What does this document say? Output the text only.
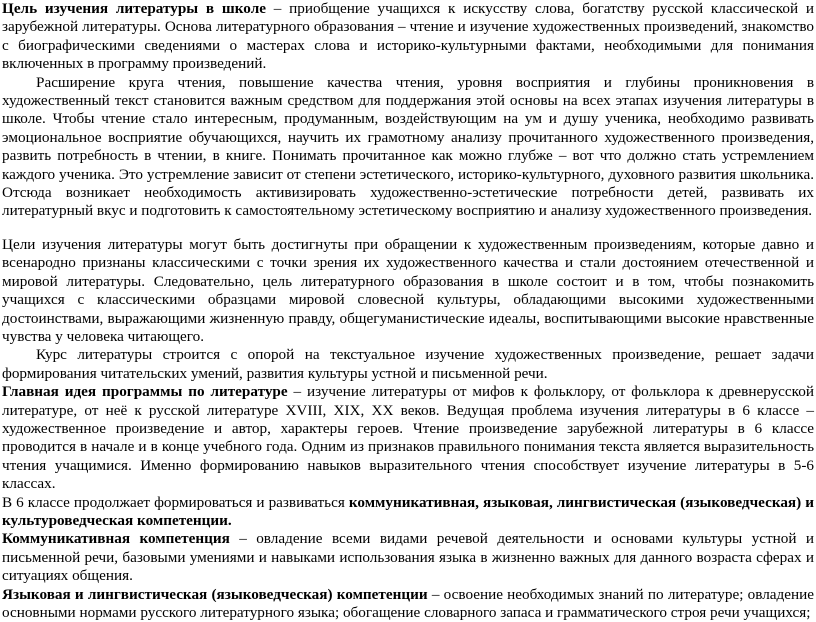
Цель изучения литературы в школе – приобщение учащихся к искусству слова, богатству русской классической и зарубежной литературы. Основа литературного образования – чтение и изучение художественных произведений, знакомство с биографическими сведениями о мастерах слова и историко-культурными фактами, необходимыми для понимания включенных в программу произведений.

Расширение круга чтения, повышение качества чтения, уровня восприятия и глубины проникновения в художественный текст становится важным средством для поддержания этой основы на всех этапах изучения литературы в школе. Чтобы чтение стало интересным, продуманным, воздействующим на ум и душу ученика, необходимо развивать эмоциональное восприятие обучающихся, научить их грамотному анализу прочитанного художественного произведения, развить потребность в чтении, в книге. Понимать прочитанное как можно глубже – вот что должно стать устремлением каждого ученика. Это устремление зависит от степени эстетического, историко-культурного, духовного развития школьника. Отсюда возникает необходимость активизировать художественно-эстетические потребности детей, развивать их литературный вкус и подготовить к самостоятельному эстетическому восприятию и анализу художественного произведения.

Цели изучения литературы могут быть достигнуты при обращении к художественным произведениям, которые давно и всенародно признаны классическими с точки зрения их художественного качества и стали достоянием отечественной и мировой литературы. Следовательно, цель литературного образования в школе состоит и в том, чтобы познакомить учащихся с классическими образцами мировой словесной культуры, обладающими высокими художественными достоинствами, выражающими жизненную правду, общегуманистические идеалы, воспитывающими высокие нравственные чувства у человека читающего.

Курс литературы строится с опорой на текстуальное изучение художественных произведение, решает задачи формирования читательских умений, развития культуры устной и письменной речи.

Главная идея программы по литературе – изучение литературы от мифов к фольклору, от фольклора к древнерусской литературе, от неё к русской литературе XVIII, XIX, XX веков. Ведущая проблема изучения литературы в 6 классе – художественное произведение и автор, характеры героев. Чтение произведение зарубежной литературы в 6 классе проводится в начале и в конце учебного года. Одним из признаков правильного понимания текста является выразительность чтения учащимися. Именно формированию навыков выразительного чтения способствует изучение литературы в 5-6 классах.

В 6 классе продолжает формироваться и развиваться коммуникативная, языковая, лингвистическая (языковедческая) и культуроведческая компетенции.

Коммуникативная компетенция – овладение всеми видами речевой деятельности и основами культуры устной и письменной речи, базовыми умениями и навыками использования языка в жизненно важных для данного возраста сферах и ситуациях общения.

Языковая и лингвистическая (языковедческая) компетенции – освоение необходимых знаний по литературе; овладение основными нормами русского литературного языка; обогащение словарного запаса и грамматического строя речи учащихся;
